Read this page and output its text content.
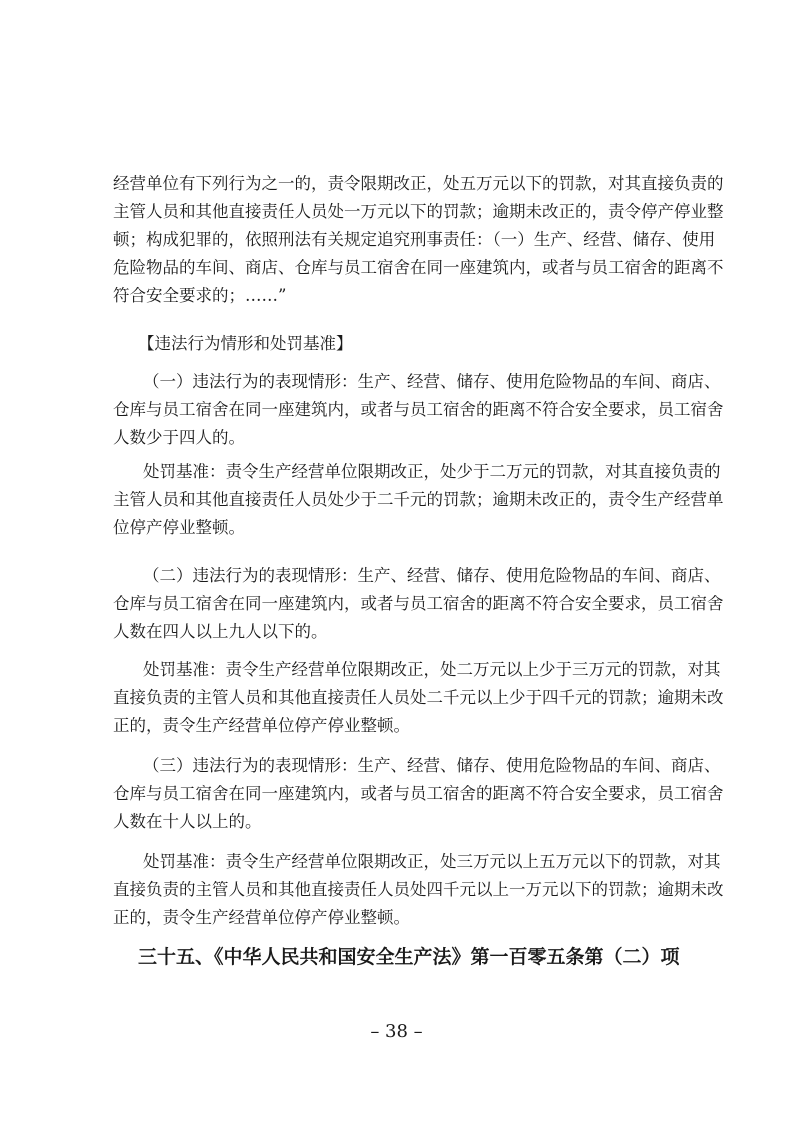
经营单位有下列行为之一的，责令限期改正，处五万元以下的罚款，对其直接负责的
主管人员和其他直接责任人员处一万元以下的罚款；逾期未改正的，责令停产停业整
顿；构成犯罪的，依照刑法有关规定追究刑事责任：（一）生产、经营、储存、使用
危险物品的车间、商店、仓库与员工宿舍在同一座建筑内，或者与员工宿舍的距离不
符合安全要求的；……”
【违法行为情形和处罚基准】
（一）违法行为的表现情形：生产、经营、储存、使用危险物品的车间、商店、
仓库与员工宿舍在同一座建筑内，或者与员工宿舍的距离不符合安全要求，员工宿舍
人数少于四人的。
处罚基准：责令生产经营单位限期改正，处少于二万元的罚款，对其直接负责的
主管人员和其他直接责任人员处少于二千元的罚款；逾期未改正的，责令生产经营单
位停产停业整顿。
（二）违法行为的表现情形：生产、经营、储存、使用危险物品的车间、商店、
仓库与员工宿舍在同一座建筑内，或者与员工宿舍的距离不符合安全要求，员工宿舍
人数在四人以上九人以下的。
处罚基准：责令生产经营单位限期改正，处二万元以上少于三万元的罚款，对其
直接负责的主管人员和其他直接责任人员处二千元以上少于四千元的罚款；逾期未改
正的，责令生产经营单位停产停业整顿。
（三）违法行为的表现情形：生产、经营、储存、使用危险物品的车间、商店、
仓库与员工宿舍在同一座建筑内，或者与员工宿舍的距离不符合安全要求，员工宿舍
人数在十人以上的。
处罚基准：责令生产经营单位限期改正，处三万元以上五万元以下的罚款，对其
直接负责的主管人员和其他直接责任人员处四千元以上一万元以下的罚款；逾期未改
正的，责令生产经营单位停产停业整顿。
三十五、《中华人民共和国安全生产法》第一百零五条第（二）项
– 38 –
